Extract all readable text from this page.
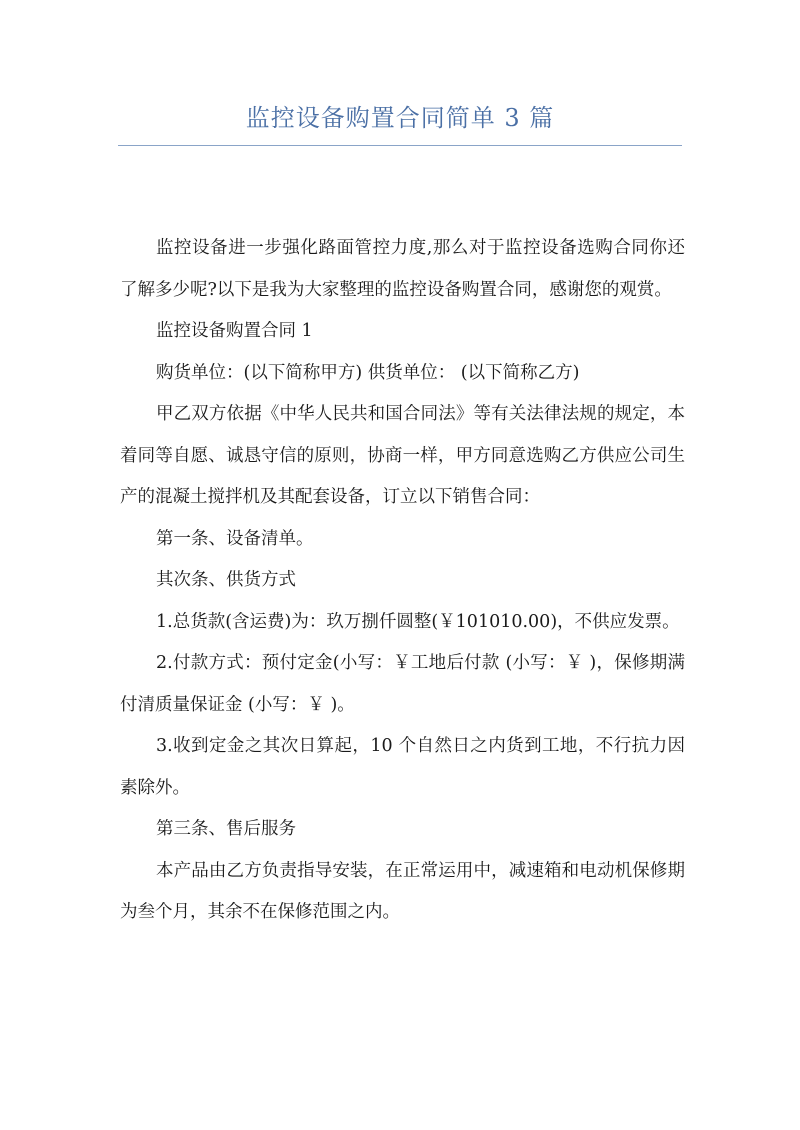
监控设备购置合同简单 3 篇

监控设备进一步强化路面管控力度,那么对于监控设备选购合同你还了解多少呢?以下是我为大家整理的监控设备购置合同，感谢您的观赏。

监控设备购置合同 1

购货单位：(以下简称甲方) 供货单位： (以下简称乙方)

甲乙双方依据《中华人民共和国合同法》等有关法律法规的规定，本着同等自愿、诚恳守信的原则，协商一样，甲方同意选购乙方供应公司生产的混凝土搅拌机及其配套设备，订立以下销售合同：

第一条、设备清单。

其次条、供货方式

1.总货款(含运费)为：玖万捌仟圆整(￥101010.00)，不供应发票。

2.付款方式：预付定金(小写：￥工地后付款 (小写：￥ )，保修期满付清质量保证金 (小写：￥ )。

3.收到定金之其次日算起，10 个自然日之内货到工地，不行抗力因素除外。

第三条、售后服务

本产品由乙方负责指导安装，在正常运用中，减速箱和电动机保修期为叁个月，其余不在保修范围之内。
